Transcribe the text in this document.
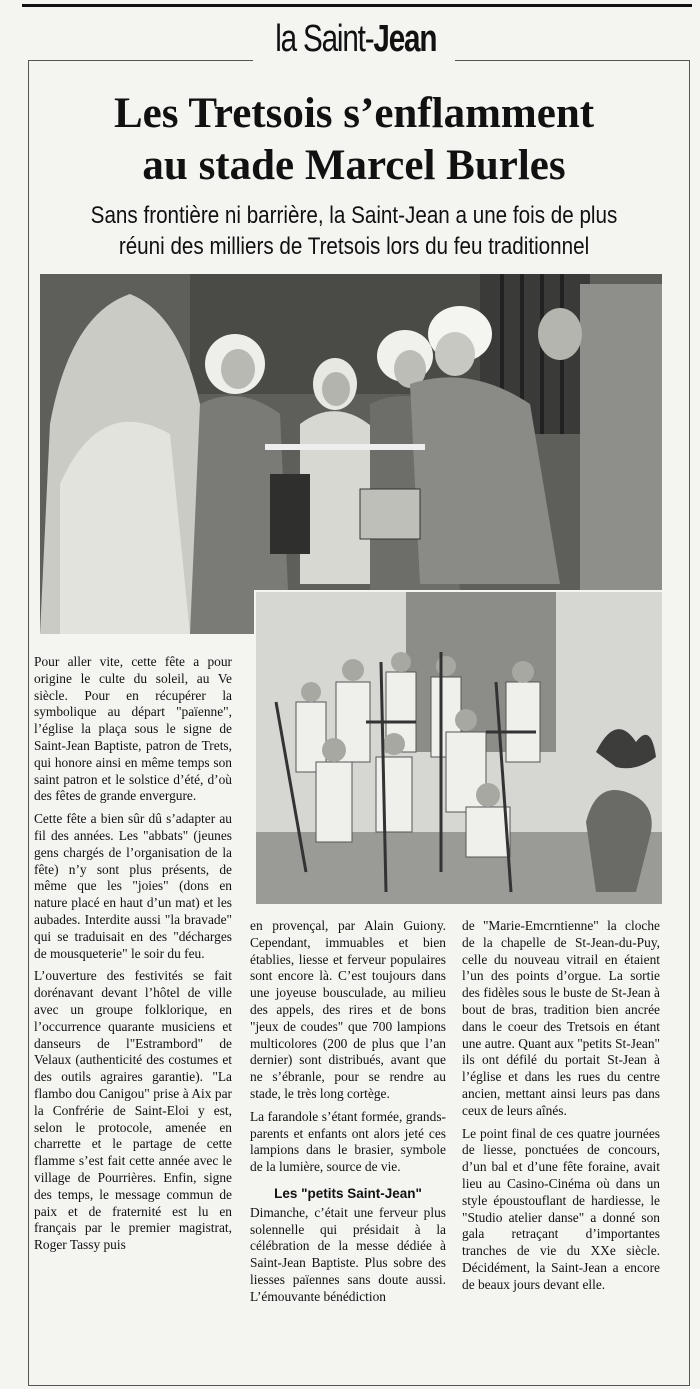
la Saint-Jean
Les Tretsois s’enflamment
au stade Marcel Burles
Sans frontière ni barrière, la Saint-Jean a une fois de plus
réuni des milliers de Tretsois lors du feu traditionnel

Pour aller vite, cette fête a pour origine le culte du soleil, au Ve siècle. Pour en récupérer la symbolique au départ "païenne", l’église la plaça sous le signe de Saint-Jean Baptiste, patron de Trets, qui honore ainsi en même temps son saint patron et le solstice d’été, d’où des fêtes de grande envergure.

Cette fête a bien sûr dû s’adapter au fil des années. Les "abbats" (jeunes gens chargés de l’organisation de la fête) n’y sont plus présents, de même que les "joies" (dons en nature placé en haut d’un mat) et les aubades. Interdite aussi "la bravade" qui se traduisait en des "décharges de mousqueterie" le soir du feu.

L’ouverture des festivités se fait dorénavant devant l’hôtel de ville avec un groupe folklorique, en l’occurrence quarante musiciens et danseurs de l"Estrambord" de Velaux (authenticité des costumes et des outils agraires garantie). "La flambo dou Canigou" prise à Aix par la Confrérie de Saint-Eloi y est, selon le protocole, amenée en charrette et le partage de cette flamme s’est fait cette année avec le village de Pourrières. Enfin, signe des temps, le message commun de paix et de fraternité est lu en français par le premier magistrat, Roger Tassy puis

en provençal, par Alain Guiony. Cependant, immuables et bien établies, liesse et ferveur populaires sont encore là. C’est toujours dans une joyeuse bousculade, au milieu des appels, des rires et de bons "jeux de coudes" que 700 lampions multicolores (200 de plus que l’an dernier) sont distribués, avant que ne s’ébranle, pour se rendre au stade, le très long cortège.

La farandole s’étant formée, grands-parents et enfants ont alors jeté ces lampions dans le brasier, symbole de la lumière, source de vie.

Les "petits Saint-Jean"

Dimanche, c’était une ferveur plus solennelle qui présidait à la célébration de la messe dédiée à Saint-Jean Baptiste. Plus sobre des liesses païennes sans doute aussi. L’émouvante bénédiction

de "Marie-Emcrntienne" la cloche de la chapelle de St-Jean-du-Puy, celle du nouveau vitrail en étaient l’un des points d’orgue. La sortie des fidèles sous le buste de St-Jean à bout de bras, tradition bien ancrée dans le coeur des Tretsois en étant une autre. Quant aux "petits St-Jean" ils ont défilé du portait St-Jean à l’église et dans les rues du centre ancien, mettant ainsi leurs pas dans ceux de leurs aînés.

Le point final de ces quatre journées de liesse, ponctuées de concours, d’un bal et d’une fête foraine, avait lieu au Casino-Cinéma où dans un style époustouflant de hardiesse, le "Studio atelier danse" a donné son gala retraçant d’importantes tranches de vie du XXe siècle. Décidément, la Saint-Jean a encore de beaux jours devant elle.
